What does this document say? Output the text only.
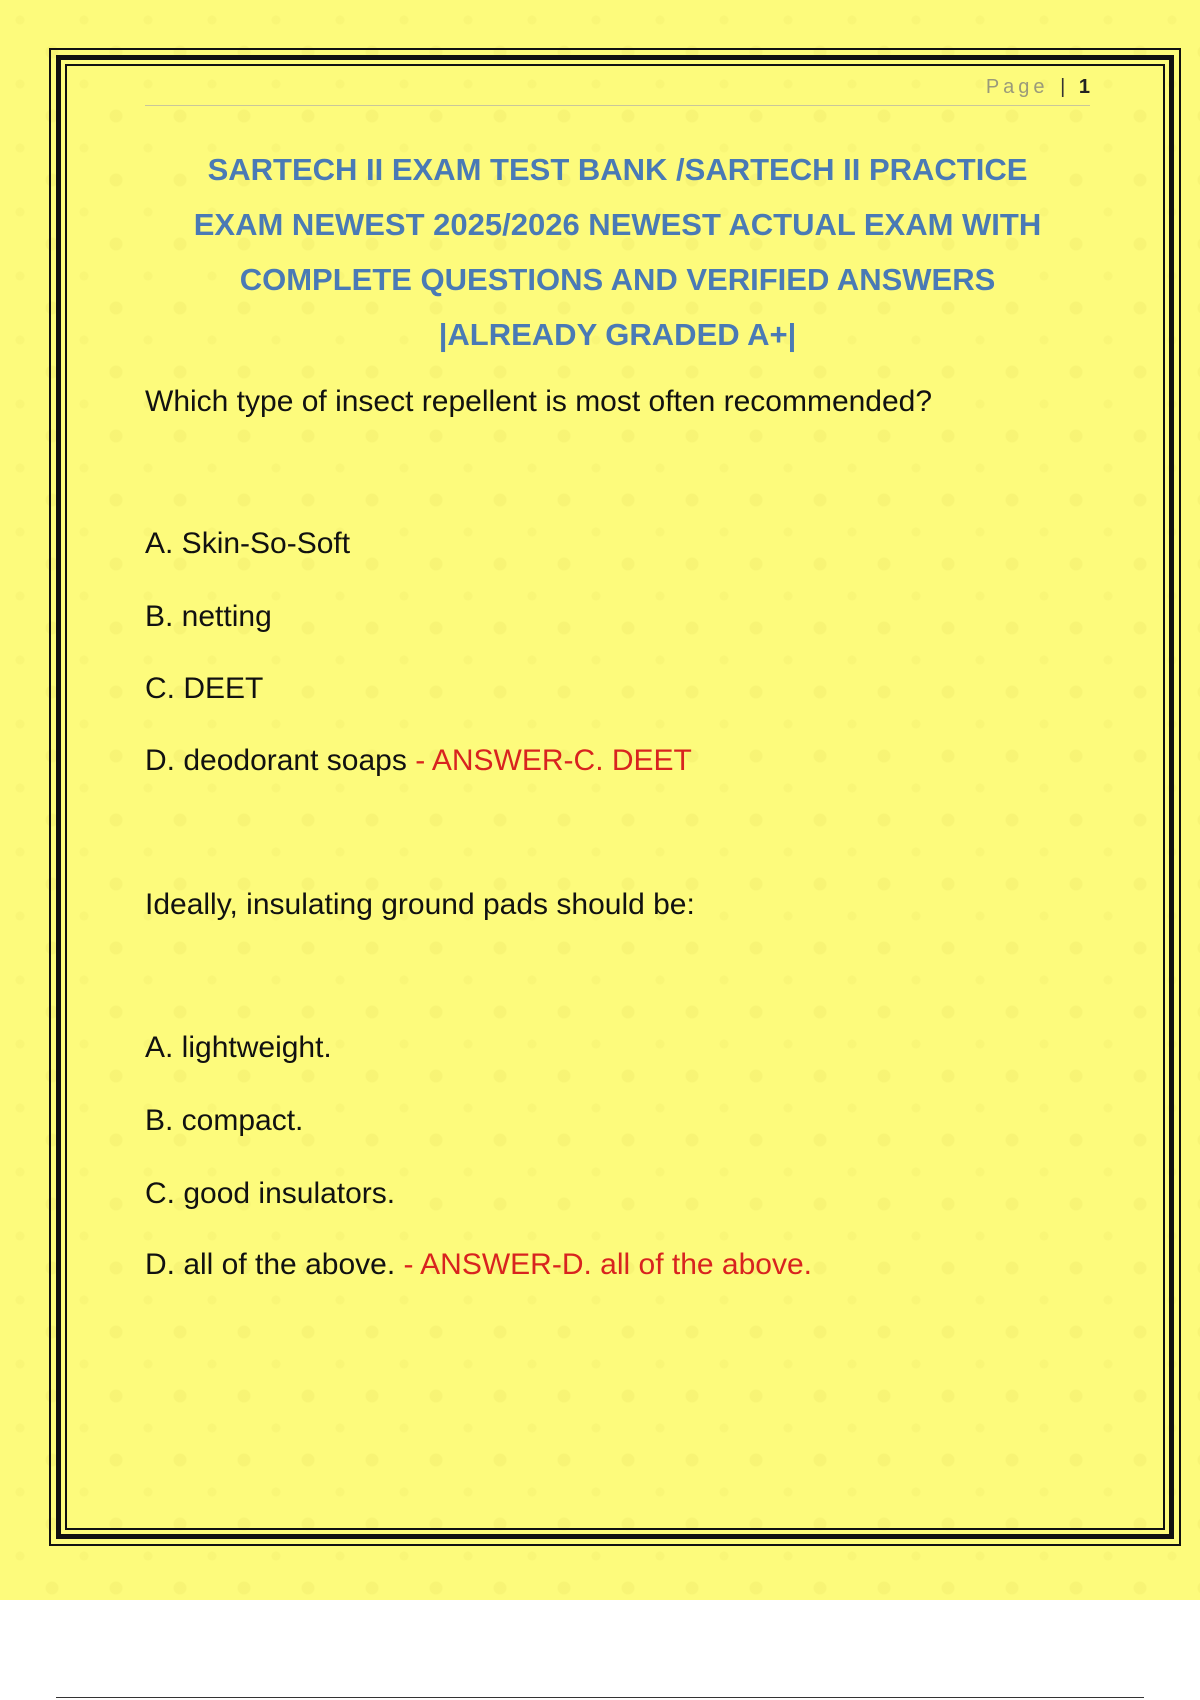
Page | 1
SARTECH II EXAM TEST BANK /SARTECH II PRACTICE
EXAM NEWEST 2025/2026 NEWEST ACTUAL EXAM WITH
COMPLETE QUESTIONS AND VERIFIED ANSWERS
|ALREADY GRADED A+|
Which type of insect repellent is most often recommended?
A. Skin-So-Soft
B. netting
C. DEET
D. deodorant soaps - ANSWER-C. DEET
Ideally, insulating ground pads should be:
A. lightweight.
B. compact.
C. good insulators.
D. all of the above. - ANSWER-D. all of the above.
